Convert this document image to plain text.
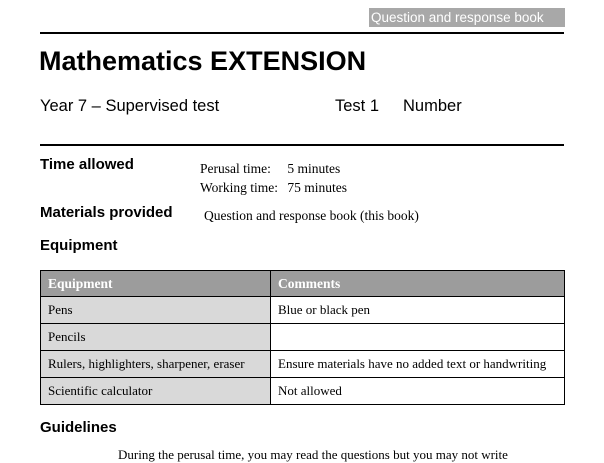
Question and response book
Mathematics EXTENSION
Year 7 – Supervised test	Test 1 Number
Time allowed	Perusal time: 5 minutes
Working time: 75 minutes
Materials provided Question and response book (this book)
Equipment
Equipment	Comments
Pens	Blue or black pen
Pencils	
Rulers, highlighters, sharpener, eraser	Ensure materials have no added text or handwriting
Scientific calculator	Not allowed
Guidelines
During the perusal time, you may read the questions but you may not write
